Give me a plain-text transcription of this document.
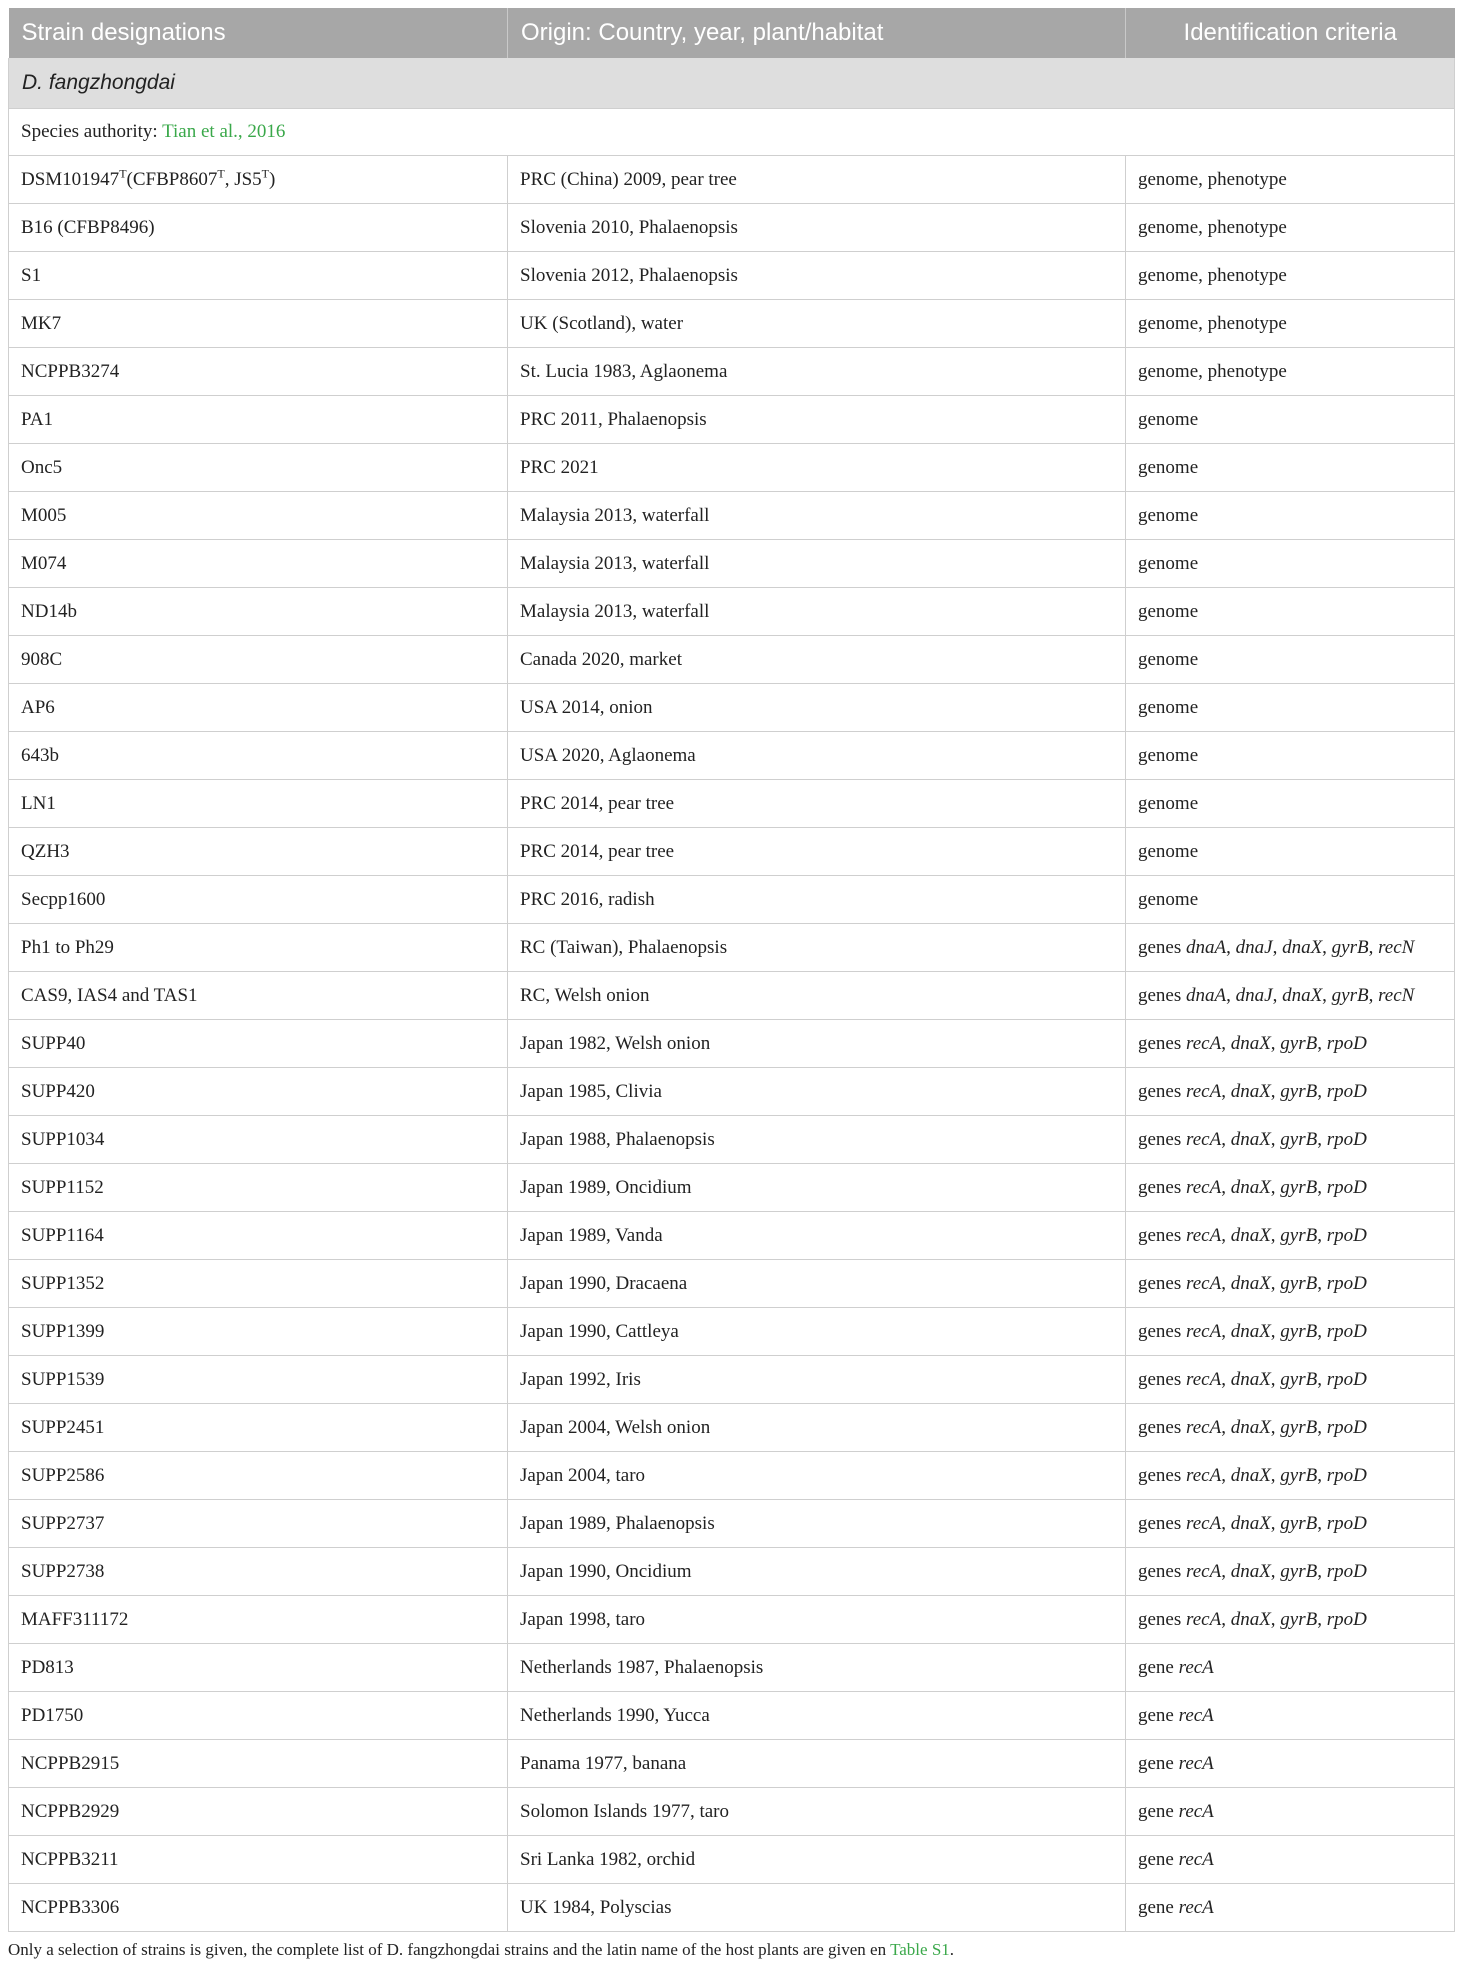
Strain designations	Origin: Country, year, plant/habitat	Identification criteria
D. fangzhongdai		
Species authority: Tian et al., 2016		
$DSM101947^T(CFBP8607^T$, $JS5^T$)	PRC (China) 2009, pear tree	genome, phenotype
B16 (CFBP8496)	Slovenia 2010, Phalaenopsis	genome, phenotype
S1	Slovenia 2012, Phalaenopsis	genome, phenotype
MK7	UK (Scotland), water	genome, phenotype
NCPPB3274	St. Lucia 1983, Aglaonema	genome, phenotype
PA1	PRC 2011, Phalaenopsis	genome
Onc5	PRC 2021	genome
M005	Malaysia 2013, waterfall	genome
M074	Malaysia 2013, waterfall	genome
ND14b	Malaysia 2013, waterfall	genome
908C	Canada 2020, market	genome
AP6	USA 2014, onion	genome
643b	USA 2020, Aglaonema	genome
LN1	PRC 2014, pear tree	genome
QZH3	PRC 2014, pear tree	genome
Secpp1600	PRC 2016, radish	genome
Ph1 to Ph29	RC (Taiwan), Phalaenopsis	genes dnaA, dnaJ, dnaX, gyrB, recN
CAS9, IAS4 and TAS1	RC, Welsh onion	genes dnaA, dnaJ, dnaX, gyrB, recN
SUPP40	Japan 1982, Welsh onion	genes recA, dnaX, gyrB, rpoD
SUPP420	Japan 1985, Clivia	genes recA, dnaX, gyrB, rpoD
SUPP1034	Japan 1988, Phalaenopsis	genes recA, dnaX, gyrB, rpoD
SUPP1152	Japan 1989, Oncidium	genes recA, dnaX, gyrB, rpoD
SUPP1164	Japan 1989, Vanda	genes recA, dnaX, gyrB, rpoD
SUPP1352	Japan 1990, Dracaena	genes recA, dnaX, gyrB, rpoD
SUPP1399	Japan 1990, Cattleya	genes recA, dnaX, gyrB, rpoD
SUPP1539	Japan 1992, Iris	genes recA, dnaX, gyrB, rpoD
SUPP2451	Japan 2004, Welsh onion	genes recA, dnaX, gyrB, rpoD
SUPP2586	Japan 2004, taro	genes recA, dnaX, gyrB, rpoD
SUPP2737	Japan 1989, Phalaenopsis	genes recA, dnaX, gyrB, rpoD
SUPP2738	Japan 1990, Oncidium	genes recA, dnaX, gyrB, rpoD
MAFF311172	Japan 1998, taro	genes recA, dnaX, gyrB, rpoD
PD813	Netherlands 1987, Phalaenopsis	gene recA
PD1750	Netherlands 1990, Yucca	gene recA
NCPPB2915	Panama 1977, banana	gene recA
NCPPB2929	Solomon Islands 1977, taro	gene recA
NCPPB3211	Sri Lanka 1982, orchid	gene recA
NCPPB3306	UK 1984, Polyscias	gene recA
Only a selection of strains is given, the complete list of D. fangzhongdai strains and the latin name of the host plants are given en Table S1.
